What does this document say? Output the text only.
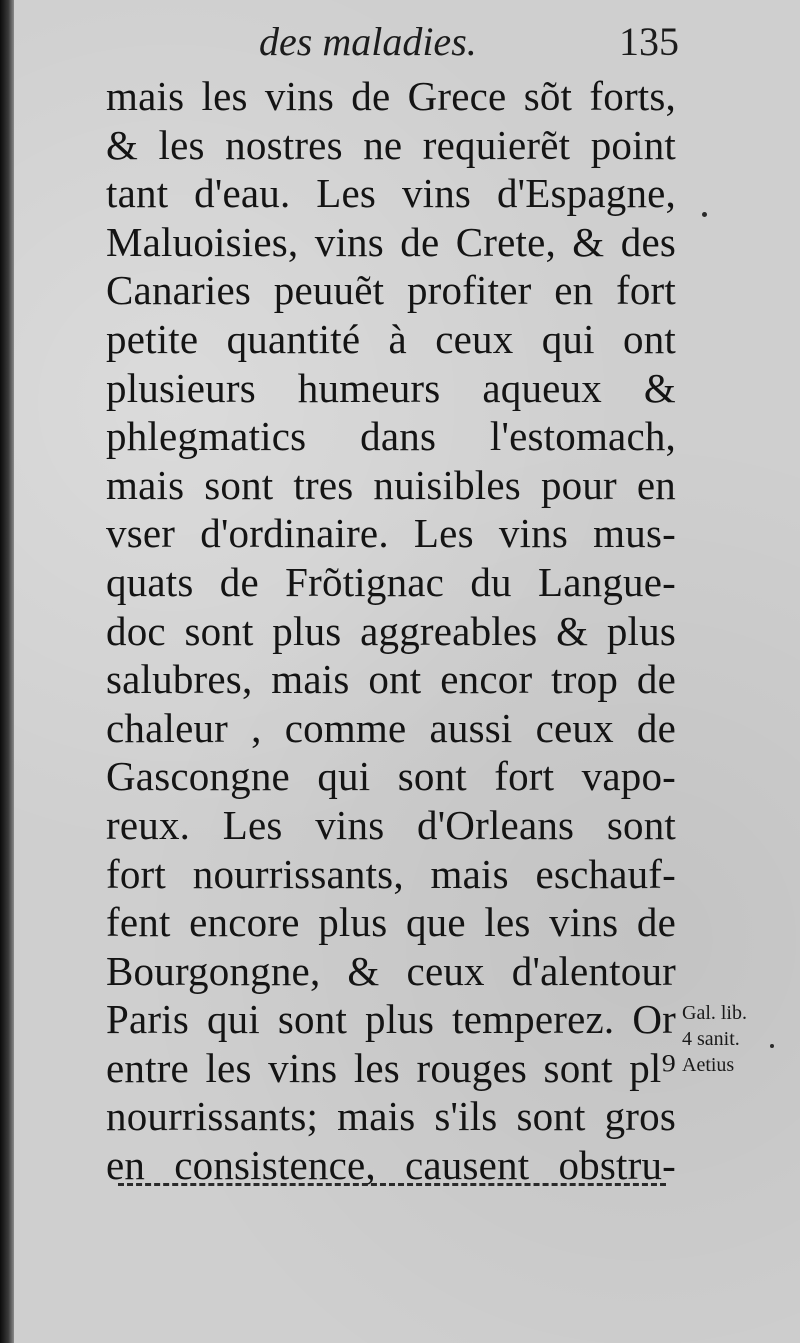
des maladies.	135
mais les vins de Grece sõt forts,
& les nostres ne requierẽt point
tant d'eau. Les vins d'Espagne,
Maluoisies, vins de Crete, & des
Canaries peuuẽt profiter en fort
petite quantité à ceux qui ont
plusieurs humeurs aqueux &
phlegmatics dans l'estomach,
mais sont tres nuisibles pour en
vser d'ordinaire. Les vins mus-
quats de Frõtignac du Langue-
doc sont plus aggreables & plus
salubres, mais ont encor trop de
chaleur , comme aussi ceux de
Gascongne qui sont fort vapo-
reux. Les vins d'Orleans sont
fort nourrissants, mais eschauf-
fent encore plus que les vins de
Bourgongne, & ceux d'alentour
Paris qui sont plus temperez. Or
entre les vins les rouges sont pl⁹
nourrissants; mais s'ils sont gros
en consistence, causent obstru-
Gal. lib.
4 sanit.
Aetius
